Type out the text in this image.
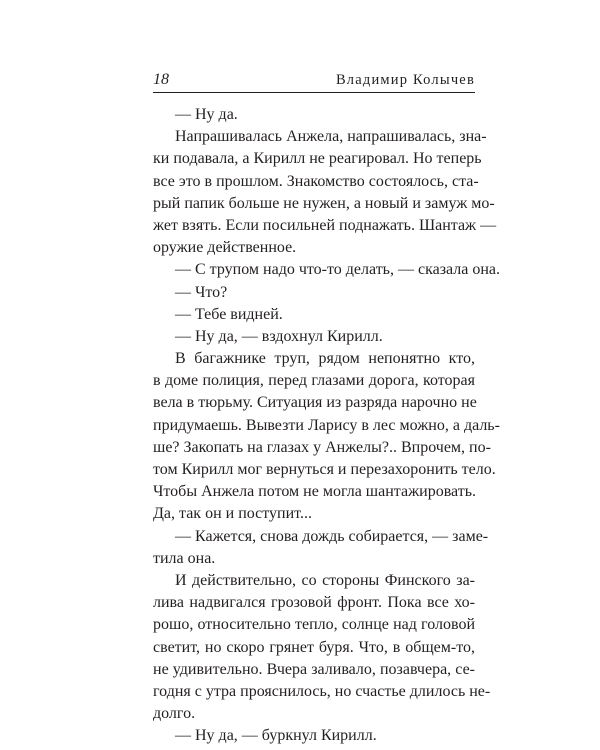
18	Владимир Колычев
— Ну да.
Напрашивалась Анжела, напрашивалась, зна-
ки подавала, а Кирилл не реагировал. Но теперь
все это в прошлом. Знакомство состоялось, ста-
рый папик больше не нужен, а новый и замуж мо-
жет взять. Если посильней поднажать. Шантаж —
оружие действенное.
— С трупом надо что-то делать, — сказала она.
— Что?
— Тебе видней.
— Ну да, — вздохнул Кирилл.
В багажнике труп, рядом непонятно кто,
в доме полиция, перед глазами дорога, которая
вела в тюрьму. Ситуация из разряда нарочно не
придумаешь. Вывезти Ларису в лес можно, а даль-
ше? Закопать на глазах у Анжелы?.. Впрочем, по-
том Кирилл мог вернуться и перезахоронить тело.
Чтобы Анжела потом не могла шантажировать.
Да, так он и поступит...
— Кажется, снова дождь собирается, — заме-
тила она.
И действительно, со стороны Финского за-
лива надвигался грозовой фронт. Пока все хо-
рошо, относительно тепло, солнце над головой
светит, но скоро грянет буря. Что, в общем-то,
не удивительно. Вчера заливало, позавчера, се-
годня с утра прояснилось, но счастье длилось не-
долго.
— Ну да, — буркнул Кирилл.
